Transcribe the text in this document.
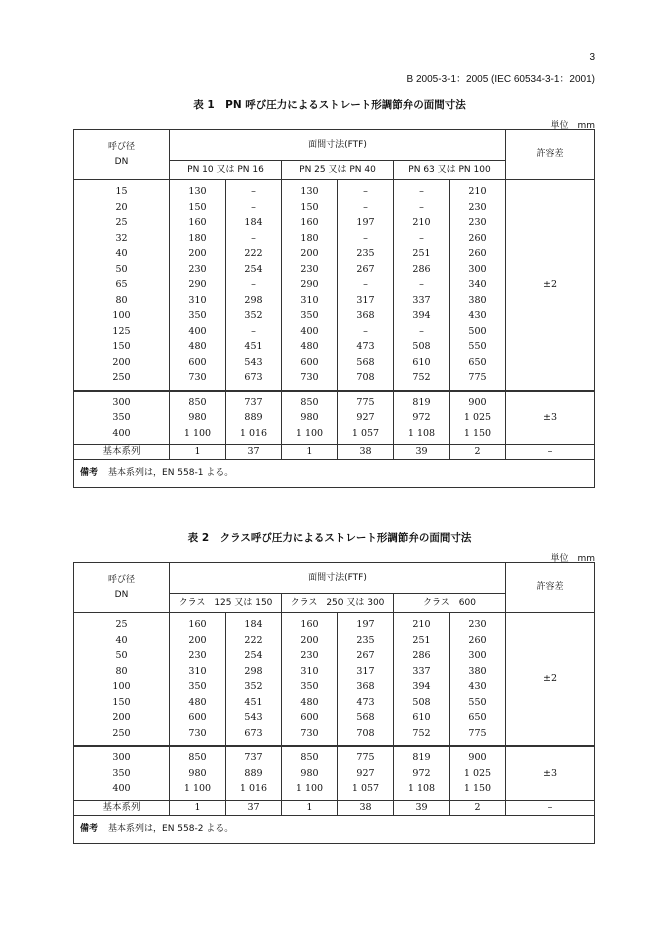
3
B 2005-3-1：2005 (IEC 60534-3-1：2001)
表 1　PN 呼び圧力によるストレート形調節弁の面間寸法
単位　mm
呼び径
DN	面間寸法(FTF)						許容差
	PN 10 又は PN 16		PN 25 又は PN 40		PN 63 又は PN 100		
15	130	–	130	–	–	210	±2
20	150	–	150	–	–	230	
25	160	184	160	197	210	230	
32	180	–	180	–	–	260	
40	200	222	200	235	251	260	
50	230	254	230	267	286	300	
65	290	–	290	–	–	340	
80	310	298	310	317	337	380	
100	350	352	350	368	394	430	
125	400	–	400	–	–	500	
150	480	451	480	473	508	550	
200	600	543	600	568	610	650	
250	730	673	730	708	752	775	
300	850	737	850	775	819	900	±3
350	980	889	980	927	972	1 025	
400	1 100	1 016	1 100	1 057	1 108	1 150	
基本系列	1	37	1	38	39	2	–
備考 基本系列は，EN 558-1 よる。							
表 2　クラス呼び圧力によるストレート形調節弁の面間寸法
単位　mm
呼び径
DN	面間寸法(FTF)						許容差
	クラス　125 又は 150		クラス　250 又は 300		クラス　600		
25	160	184	160	197	210	230	±2
40	200	222	200	235	251	260	
50	230	254	230	267	286	300	
80	310	298	310	317	337	380	
100	350	352	350	368	394	430	
150	480	451	480	473	508	550	
200	600	543	600	568	610	650	
250	730	673	730	708	752	775	
300	850	737	850	775	819	900	±3
350	980	889	980	927	972	1 025	
400	1 100	1 016	1 100	1 057	1 108	1 150	
基本系列	1	37	1	38	39	2	–
備考 基本系列は，EN 558-2 よる。							
